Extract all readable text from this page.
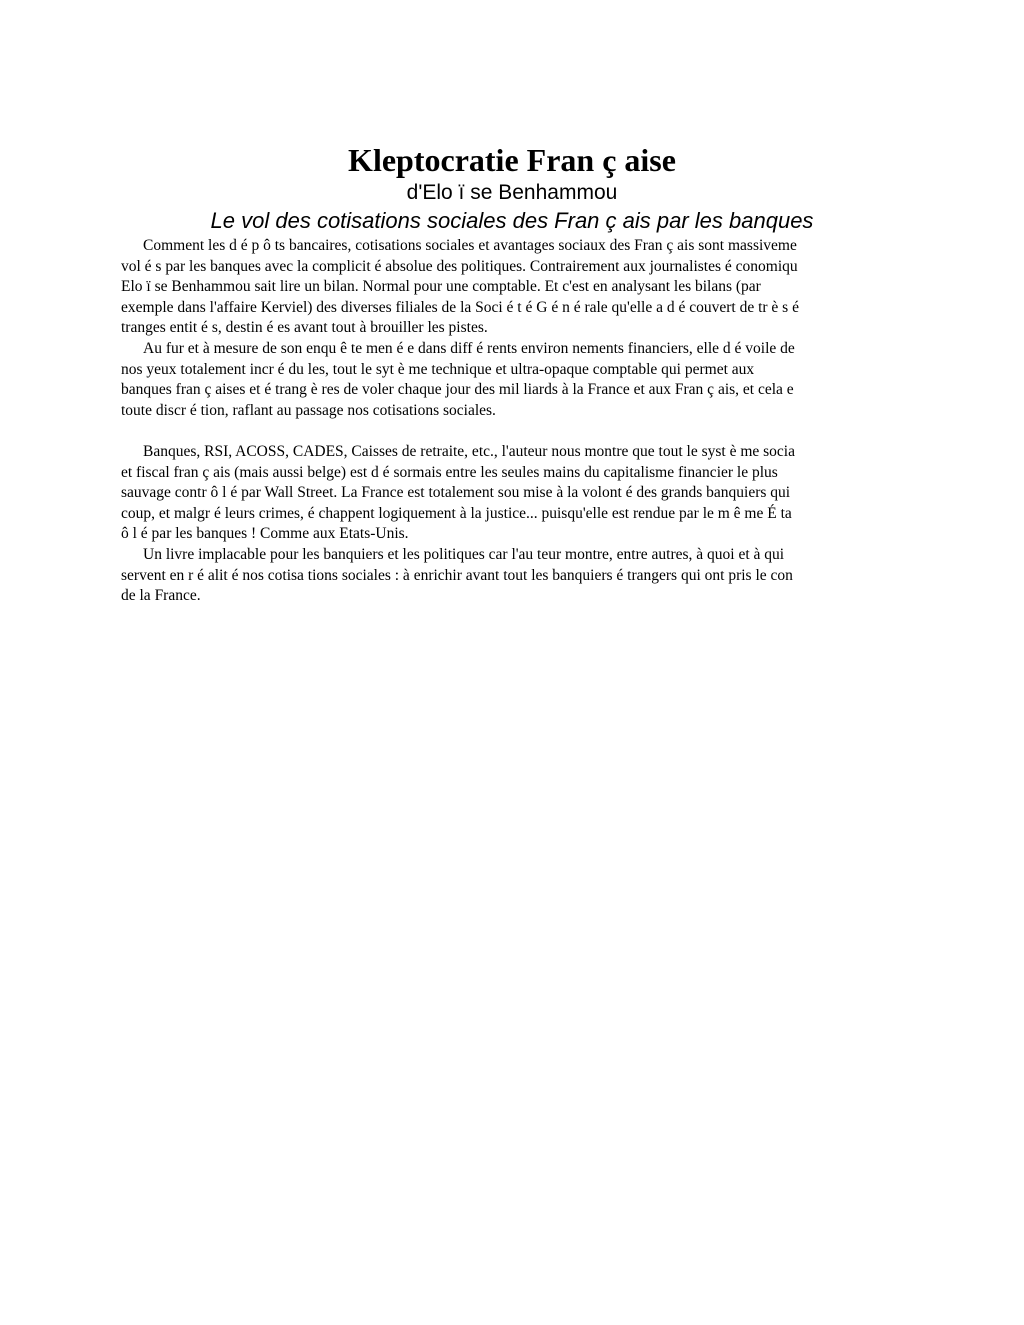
Kleptocratie Fran ç aise
d'Elo ï se Benhammou
Le vol des cotisations sociales des Fran ç ais par les banques
Comment les d é p ô ts bancaires, cotisations sociales et avantages sociaux des Fran ç ais sont massiveme
vol é s par les banques avec la complicit é absolue des politiques. Contrairement aux journalistes é conomiqu
Elo ï se Benhammou sait lire un bilan. Normal pour une comptable. Et c'est en analysant les bilans (par
exemple dans l'affaire Kerviel) des diverses filiales de la Soci é t é G é n é rale qu'elle a d é couvert de tr è s é
tranges entit é s, destin é es avant tout à brouiller les pistes.
Au fur et à mesure de son enqu ê te men é e dans diff é rents environ nements financiers, elle d é voile de
nos yeux totalement incr é du les, tout le syt è me technique et ultra-opaque comptable qui permet aux
banques fran ç aises et é trang è res de voler chaque jour des mil liards à la France et aux Fran ç ais, et cela e
toute discr é tion, raflant au passage nos cotisations sociales.
Banques, RSI, ACOSS, CADES, Caisses de retraite, etc., l'auteur nous montre que tout le syst è me socia
et fiscal fran ç ais (mais aussi belge) est d é sormais entre les seules mains du capitalisme financier le plus
sauvage contr ô l é par Wall Street. La France est totalement sou mise à la volont é des grands banquiers qui
coup, et malgr é leurs crimes, é chappent logiquement à la justice... puisqu'elle est rendue par le m ê me É ta
ô l é par les banques ! Comme aux Etats-Unis.
Un livre implacable pour les banquiers et les politiques car l'au teur montre, entre autres, à quoi et à qui
servent en r é alit é nos cotisa tions sociales : à enrichir avant tout les banquiers é trangers qui ont pris le con
de la France.
